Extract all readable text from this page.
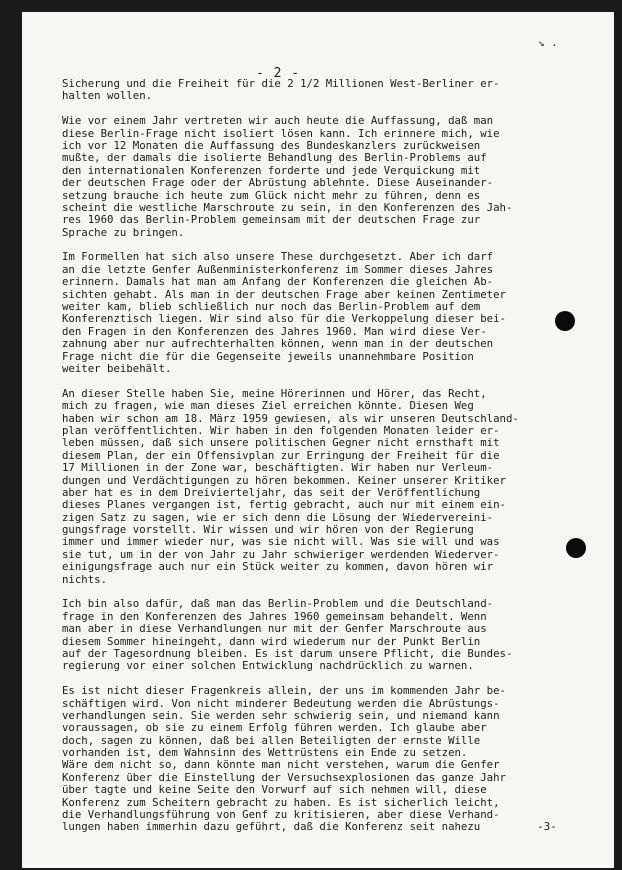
↘ .
- 2 -
Sicherung und die Freiheit für die 2 1/2 Millionen West-Berliner er-
halten wollen.
Wie vor einem Jahr vertreten wir auch heute die Auffassung, daß man
diese Berlin-Frage nicht isoliert lösen kann. Ich erinnere mich, wie
ich vor 12 Monaten die Auffassung des Bundeskanzlers zurückweisen
mußte, der damals die isolierte Behandlung des Berlin-Problems auf
den internationalen Konferenzen forderte und jede Verquickung mit
der deutschen Frage oder der Abrüstung ablehnte. Diese Auseinander-
setzung brauche ich heute zum Glück nicht mehr zu führen, denn es
scheint die westliche Marschroute zu sein, in den Konferenzen des Jah-
res 1960 das Berlin-Problem gemeinsam mit der deutschen Frage zur
Sprache zu bringen.
Im Formellen hat sich also unsere These durchgesetzt. Aber ich darf
an die letzte Genfer Außenministerkonferenz im Sommer dieses Jahres
erinnern. Damals hat man am Anfang der Konferenzen die gleichen Ab-
sichten gehabt. Als man in der deutschen Frage aber keinen Zentimeter
weiter kam, blieb schließlich nur noch das Berlin-Problem auf dem
Konferenztisch liegen. Wir sind also für die Verkoppelung dieser bei-
den Fragen in den Konferenzen des Jahres 1960. Man wird diese Ver-
zahnung aber nur aufrechterhalten können, wenn man in der deutschen
Frage nicht die für die Gegenseite jeweils unannehmbare Position
weiter beibehält.
An dieser Stelle haben Sie, meine Hörerinnen und Hörer, das Recht,
mich zu fragen, wie man dieses Ziel erreichen könnte. Diesen Weg
haben wir schon am 18. März 1959 gewiesen, als wir unseren Deutschland-
plan veröffentlichten. Wir haben in den folgenden Monaten leider er-
leben müssen, daß sich unsere politischen Gegner nicht ernsthaft mit
diesem Plan, der ein Offensivplan zur Erringung der Freiheit für die
17 Millionen in der Zone war, beschäftigten. Wir haben nur Verleum-
dungen und Verdächtigungen zu hören bekommen. Keiner unserer Kritiker
aber hat es in dem Dreivierteljahr, das seit der Veröffentlichung
dieses Planes vergangen ist, fertig gebracht, auch nur mit einem ein-
zigen Satz zu sagen, wie er sich denn die Lösung der Wiedervereini-
gungsfrage vorstellt. Wir wissen und wir hören von der Regierung
immer und immer wieder nur, was sie nicht will. Was sie will und was
sie tut, um in der von Jahr zu Jahr schwieriger werdenden Wiederver-
einigungsfrage auch nur ein Stück weiter zu kommen, davon hören wir
nichts.
Ich bin also dafür, daß man das Berlin-Problem und die Deutschland-
frage in den Konferenzen des Jahres 1960 gemeinsam behandelt. Wenn
man aber in diese Verhandlungen nur mit der Genfer Marschroute aus
diesem Sommer hineingeht, dann wird wiederum nur der Punkt Berlin
auf der Tagesordnung bleiben. Es ist darum unsere Pflicht, die Bundes-
regierung vor einer solchen Entwicklung nachdrücklich zu warnen.
Es ist nicht dieser Fragenkreis allein, der uns im kommenden Jahr be-
schäftigen wird. Von nicht minderer Bedeutung werden die Abrüstungs-
verhandlungen sein. Sie werden sehr schwierig sein, und niemand kann
voraussagen, ob sie zu einem Erfolg führen werden. Ich glaube aber
doch, sagen zu können, daß bei allen Beteiligten der ernste Wille
vorhanden ist, dem Wahnsinn des Wettrüstens ein Ende zu setzen.
Wäre dem nicht so, dann könnte man nicht verstehen, warum die Genfer
Konferenz über die Einstellung der Versuchsexplosionen das ganze Jahr
über tagte und keine Seite den Vorwurf auf sich nehmen will, diese
Konferenz zum Scheitern gebracht zu haben. Es ist sicherlich leicht,
die Verhandlungsführung von Genf zu kritisieren, aber diese Verhand-
lungen haben immerhin dazu geführt, daß die Konferenz seit nahezu	-3-
